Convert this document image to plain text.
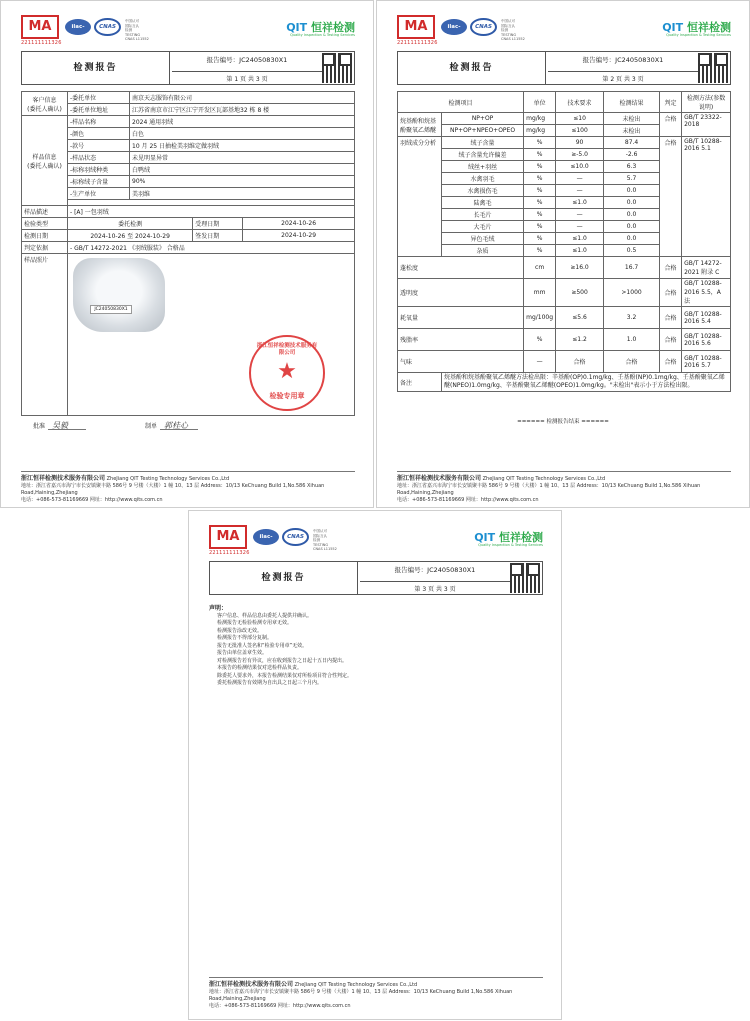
MA
221111111326
ilac-MRA
CNAS
中国认可
国际互认
检测
TESTING
CNAS L11552
QIT 恒祥检测
Quality Inspection & Testing Services
检测报告
报告编号：JC24050830X1
第 1 页 共 3 页
客户信息
(委托人确认)	-委托单位	南京天志服饰有限公司		
	-委托单位地址	江苏省南京市江宁区江宁开发区瓦部基地32 栋 8 楼		
样品信息
(委托人确认)	-样品名称	2024 通用羽绒		
	-颜色	白色		
	-款号	10 月 25 日抽检美羽维定做羽绒		
	-样品状态	未见明显异常		
	-标称羽绒种类	白鸭绒		
	-标称绒子含量	90%		
	-生产单位	美羽维		

样品描述	- [A] 一包羽绒			
检验类型	委托检测		受理日期	2024-10-26
检测日期	2024-10-26 至 2024-10-29		签发日期	2024-10-29
判定依据	- GB/T 14272-2021 《羽绒服装》 合格品			
样品照片	JC24050830X1			
浙江恒祥检测技术服务有限公司
★
检验专用章
批准 吴毅	制单 郭桂心
浙江恒祥检测技术服务有限公司 ZheJiang QIT Testing Technology Services Co.,Ltd
地址：浙江省嘉兴市海宁市长安镇聚丰路 586号 9 号楼（大楼）1 幢 10、13 层 Address：10/13 KeChuang Build 1,No.586 Xihuan Road,Haining,Zhejiang
电话：+086-573-81169669 网址：http://www.qits.com.cn
MA
221111111326
ilac-MRA
CNAS
中国认可
国际互认
检测
TESTING
CNAS L11552
QIT 恒祥检测
Quality Inspection & Testing Services
检测报告
报告编号：JC24050830X1
第 2 页 共 3 页
检测项目		单位	技术要求	检测结果	判定	检测方法(参数说明)
烷基酚和烷基酚聚氧乙烯醚	NP+OP	mg/kg	≤10	未检出	合格	GB/T 23322-2018
	NP+OP+NPEO+OPEO	mg/kg	≤100	未检出		
羽绒成分分析	绒子含量	%	90	87.4	合格	GB/T 10288-2016 5.1
	绒子含量允许偏差	%	≥-5.0	-2.6		
	绒丝+羽丝	%	≤10.0	6.3		
	水禽羽毛	%	—	5.7		
	水禽损伤毛	%	—	0.0		
	陆禽毛	%	≤1.0	0.0		
	长毛片	%	—	0.0		
	大毛片	%	—	0.0		
	异色毛绒	%	≤1.0	0.0		
	杂质	%	≤1.0	0.5		
蓬松度		cm	≥16.0	16.7	合格	GB/T 14272-2021 附录 C
透明度		mm	≥500	>1000	合格	GB/T 10288-2016 5.5，A 法
耗氧量		mg/100g	≤5.6	3.2	合格	GB/T 10288-2016 5.4
残脂率		%	≤1.2	1.0	合格	GB/T 10288-2016 5.6
气味		—	合格	合格	合格	GB/T 10288-2016 5.7
备注	烷基酚和烷基酚聚氧乙烯醚方法检出限：辛基酚(OP)0.1mg/kg、壬基酚(NP)0.1mg/kg、壬基酚聚氧乙烯醚(NPEO)1.0mg/kg、辛基酚聚氧乙烯醚(OPEO)1.0mg/kg。"未检出"表示小于方法检出限。					
====== 检测报告结束 ======
浙江恒祥检测技术服务有限公司 ZheJiang QIT Testing Technology Services Co.,Ltd
地址：浙江省嘉兴市海宁市长安镇聚丰路 586号 9 号楼（大楼）1 幢 10、13 层 Address：10/13 KeChuang Build 1,No.586 Xihuan Road,Haining,Zhejiang
电话：+086-573-81169669 网址：http://www.qits.com.cn
MA
221111111326
ilac-MRA
CNAS
中国认可
国际互认
检测
TESTING
CNAS L11552
QIT 恒祥检测
Quality Inspection & Testing Services
检测报告
报告编号：JC24050830X1
第 3 页 共 3 页
声明：
客户信息、样品信息由委托人提供并确认。
检测报告无检验检测专用章无效。
检测报告涂改无效。
检测报告不得部分复制。
报告无批准人签名和“检验专用章”无效。
报告由单位盖章生效。
对检测报告若有异议，应在收到报告之日起十五日内提出。
本报告的检测结果仅对送检样品负责。
除委托人要求外，本报告检测结果仅对所检项目符合性判定。
委托检测报告有效期为自出具之日起三个月内。
浙江恒祥检测技术服务有限公司 ZheJiang QIT Testing Technology Services Co.,Ltd
地址：浙江省嘉兴市海宁市长安镇聚丰路 586号 9 号楼（大楼）1 幢 10、13 层 Address：10/13 KeChuang Build 1,No.586 Xihuan Road,Haining,Zhejiang
电话：+086-573-81169669 网址：http://www.qits.com.cn
